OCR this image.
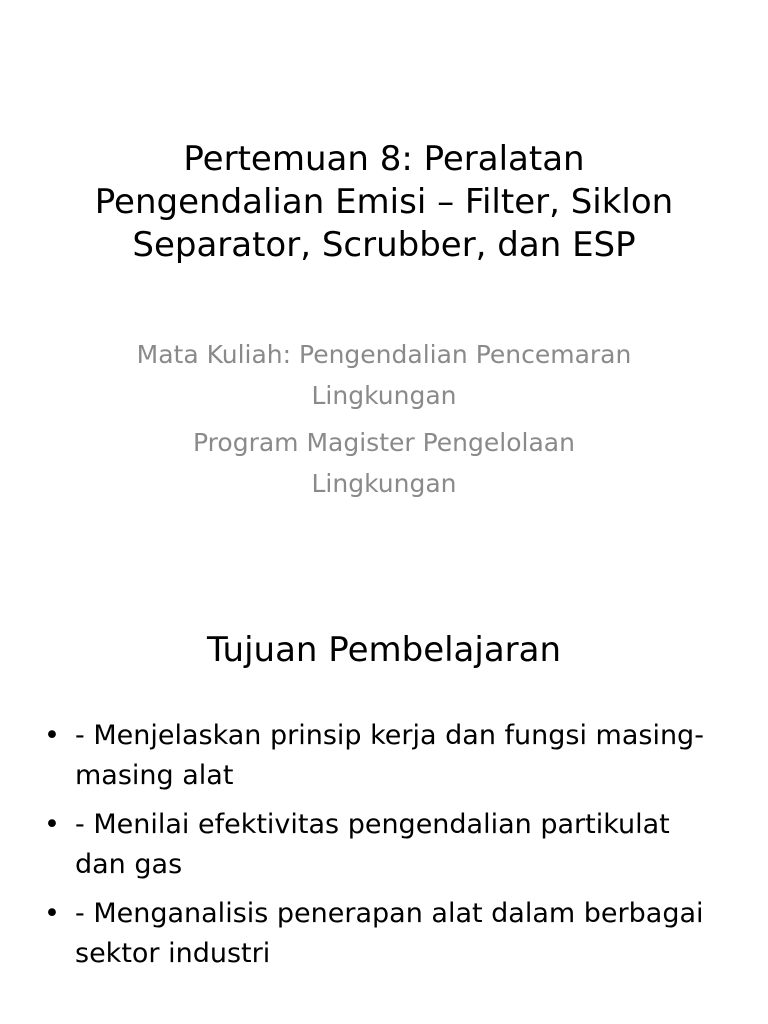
Pertemuan 8: Peralatan Pengendalian Emisi – Filter, Siklon Separator, Scrubber, dan ESP

Mata Kuliah: Pengendalian Pencemaran Lingkungan

Program Magister Pengelolaan Lingkungan

Tujuan Pembelajaran
• - Menjelaskan prinsip kerja dan fungsi masing-masing alat
• - Menilai efektivitas pengendalian partikulat dan gas
• - Menganalisis penerapan alat dalam berbagai sektor industri
